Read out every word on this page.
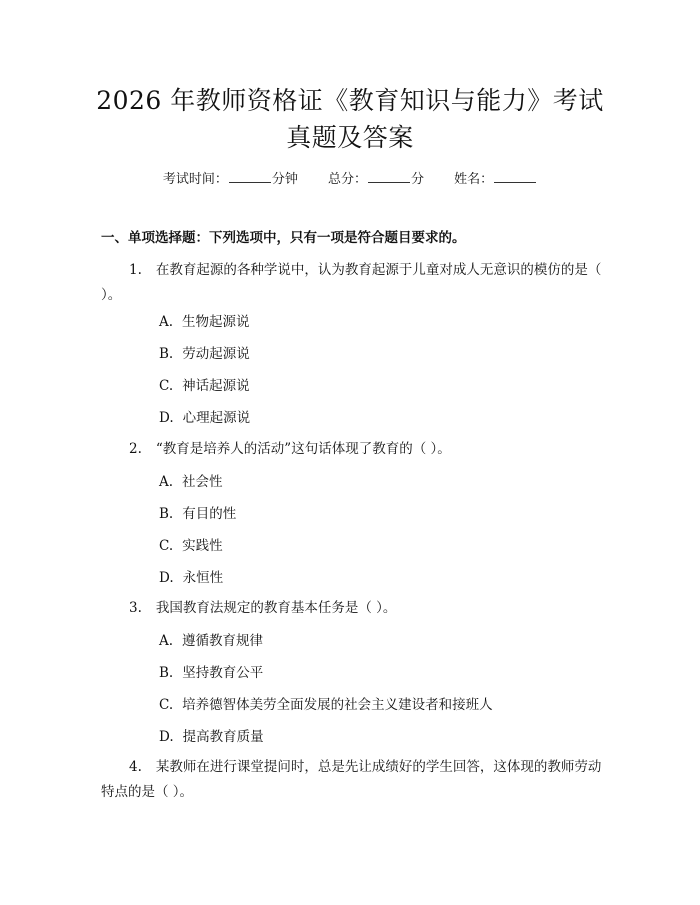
2026 年教师资格证《教育知识与能力》考试
真题及答案
考试时间：	分钟 总分：	分 姓名：
一、单项选择题：下列选项中，只有一项是符合题目要求的。
1. 在教育起源的各种学说中，认为教育起源于儿童对成人无意识的模仿的是（ ）。
A. 生物起源说
B. 劳动起源说
C. 神话起源说
D. 心理起源说
2. “教育是培养人的活动”这句话体现了教育的（ ）。
A. 社会性
B. 有目的性
C. 实践性
D. 永恒性
3. 我国教育法规定的教育基本任务是（ ）。
A. 遵循教育规律
B. 坚持教育公平
C. 培养德智体美劳全面发展的社会主义建设者和接班人
D. 提高教育质量
4. 某教师在进行课堂提问时，总是先让成绩好的学生回答，这体现的教师劳动特点的是（ ）。
